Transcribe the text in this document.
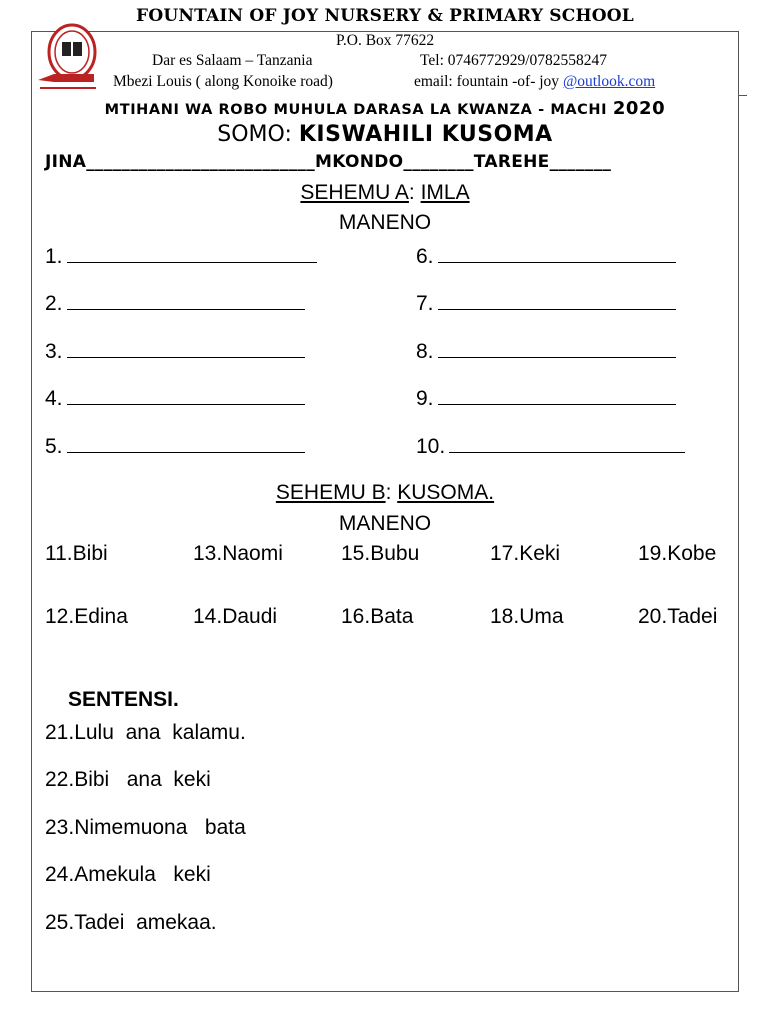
FOUNTAIN OF JOY NURSERY & PRIMARY SCHOOL
P.O. Box 77622
Dar es Salaam – Tanzania	Tel: 0746772929/0782558247
Mbezi Louis ( along Konoike road)	email: fountain -of- joy @outlook.com
MTIHANI WA ROBO MUHULA DARASA LA KWANZA - MACHI 2020
SOMO: KISWAHILI KUSOMA
JINA__________________________MKONDO________TAREHE_______
SEHEMU A: IMLA
MANENO
1.
2.
3.
4.
5.
6.
7.
8.
9.
10.
SEHEMU B: KUSOMA.
MANENO
11.Bibi	13.Naomi	15.Bubu	17.Keki	19.Kobe
12.Edina	14.Daudi	16.Bata	18.Uma	20.Tadei
SENTENSI.
21.Lulu  ana  kalamu.
22.Bibi   ana  keki
23.Nimemuona   bata
24.Amekula   keki
25.Tadei  amekaa.
